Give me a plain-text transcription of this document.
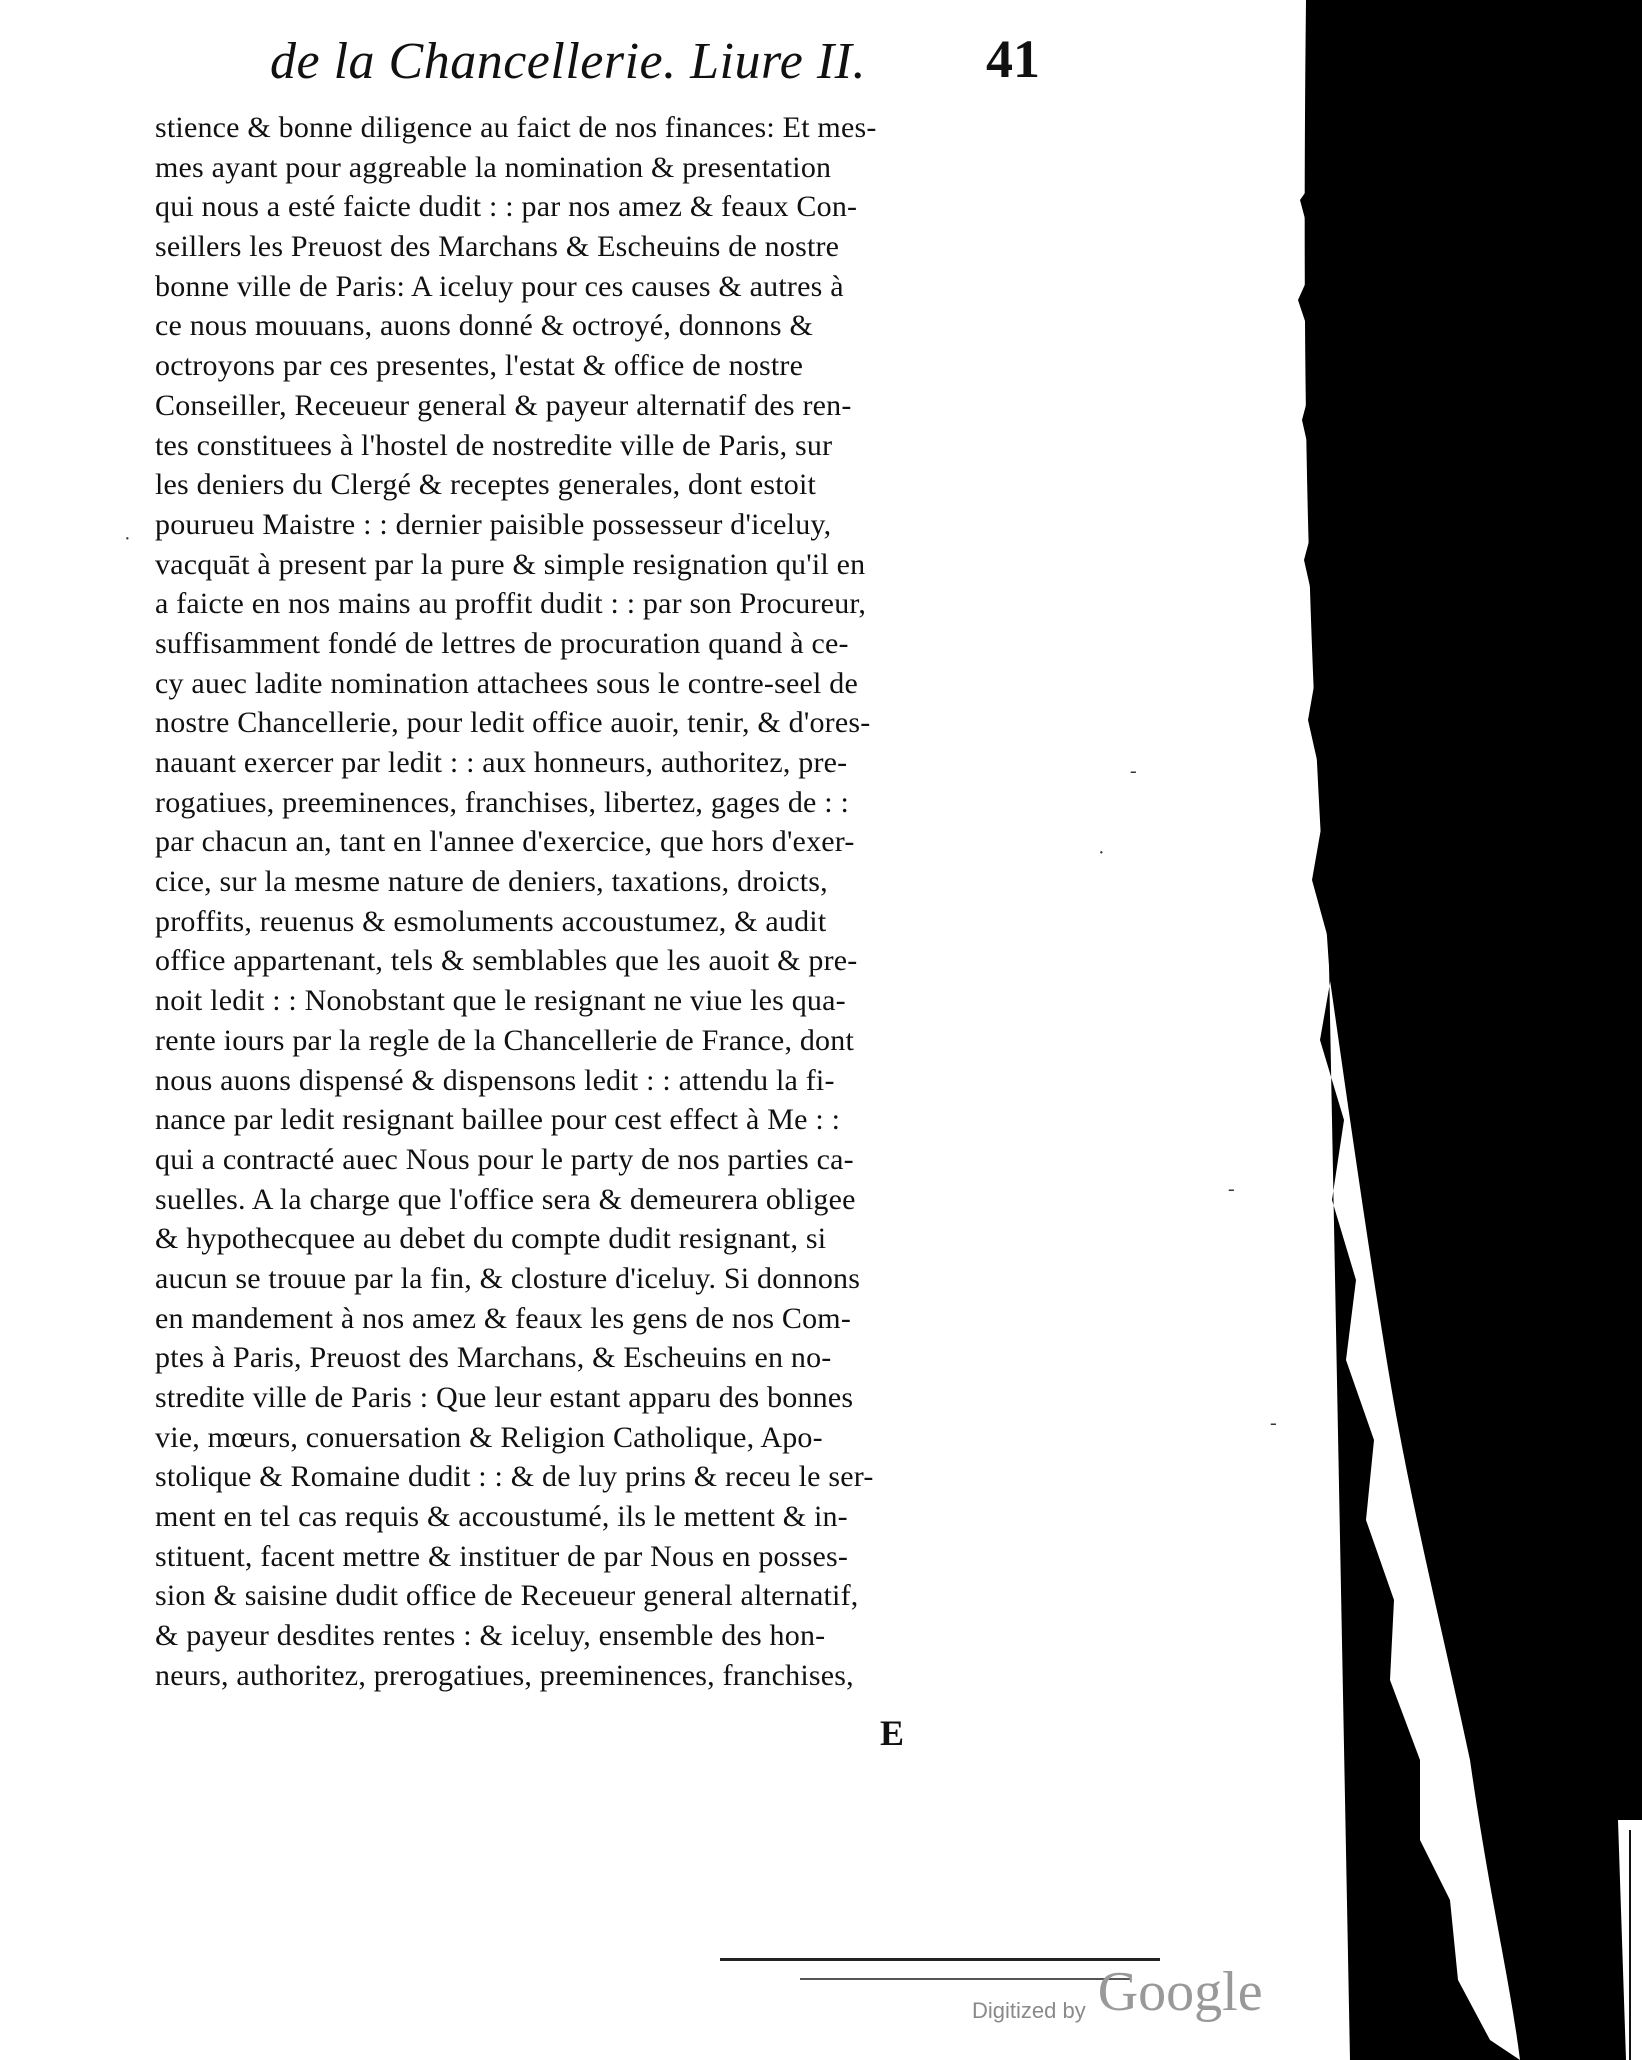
de la Chancellerie. Liure II. 41
stience & bonne diligence au faict de nos finances: Et mes-
mes ayant pour aggreable la nomination & presentation
qui nous a esté faicte dudit : : par nos amez & feaux Con-
seillers les Preuost des Marchans & Escheuins de nostre
bonne ville de Paris: A iceluy pour ces causes & autres à
ce nous mouuans, auons donné & octroyé, donnons &
octroyons par ces presentes, l'estat & office de nostre
Conseiller, Receueur general & payeur alternatif des ren-
tes constituees à l'hostel de nostredite ville de Paris, sur
les deniers du Clergé & receptes generales, dont estoit
pourueu Maistre : : dernier paisible possesseur d'iceluy,
vacquāt à present par la pure & simple resignation qu'il en
a faicte en nos mains au proffit dudit : : par son Procureur,
suffisamment fondé de lettres de procuration quand à ce-
cy auec ladite nomination attachees sous le contre-seel de
nostre Chancellerie, pour ledit office auoir, tenir, & d'ores-
nauant exercer par ledit : : aux honneurs, authoritez, pre-
rogatiues, preeminences, franchises, libertez, gages de : :
par chacun an, tant en l'annee d'exercice, que hors d'exer-
cice, sur la mesme nature de deniers, taxations, droicts,
proffits, reuenus & esmoluments accoustumez, & audit
office appartenant, tels & semblables que les auoit & pre-
noit ledit : : Nonobstant que le resignant ne viue les qua-
rente iours par la regle de la Chancellerie de France, dont
nous auons dispensé & dispensons ledit : : attendu la fi-
nance par ledit resignant baillee pour cest effect à Me : :
qui a contracté auec Nous pour le party de nos parties ca-
suelles. A la charge que l'office sera & demeurera obligee
& hypothecquee au debet du compte dudit resignant, si
aucun se trouue par la fin, & closture d'iceluy. Si donnons
en mandement à nos amez & feaux les gens de nos Com-
ptes à Paris, Preuost des Marchans, & Escheuins en no-
stredite ville de Paris : Que leur estant apparu des bonnes
vie, mœurs, conuersation & Religion Catholique, Apo-
stolique & Romaine dudit : : & de luy prins & receu le ser-
ment en tel cas requis & accoustumé, ils le mettent & in-
stituent, facent mettre & instituer de par Nous en posses-
sion & saisine dudit office de Receueur general alternatif,
& payeur desdites rentes : & iceluy, ensemble des hon-
neurs, authoritez, prerogatiues, preeminences, franchises,
E
·
-
·
-
-
Digitized by Google
